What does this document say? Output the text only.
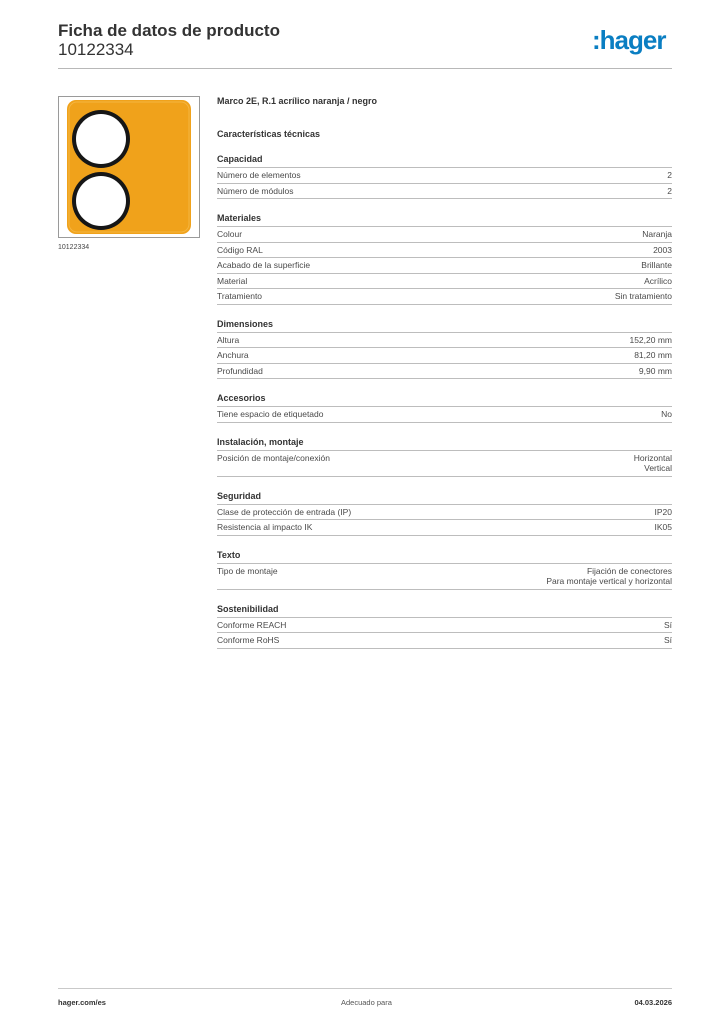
Ficha de datos de producto
10122334	:hager
10122334
Marco 2E, R.1 acrílico naranja / negro
Características técnicas
Capacidad
Número de elementos	2
Número de módulos	2
Materiales
Colour	Naranja
Código RAL	2003
Acabado de la superficie	Brillante
Material	Acrílico
Tratamiento	Sin tratamiento
Dimensiones
Altura	152,20 mm
Anchura	81,20 mm
Profundidad	9,90 mm
Accesorios
Tiene espacio de etiquetado	No
Instalación, montaje
Posición de montaje/conexión	Horizontal
Vertical
Seguridad
Clase de protección de entrada (IP)	IP20
Resistencia al impacto IK	IK05
Texto
Tipo de montaje	Fijación de conectores
Para montaje vertical y horizontal
Sostenibilidad
Conforme REACH	Sí
Conforme RoHS	Sí
hager.com/es	Adecuado para	04.03.2026
